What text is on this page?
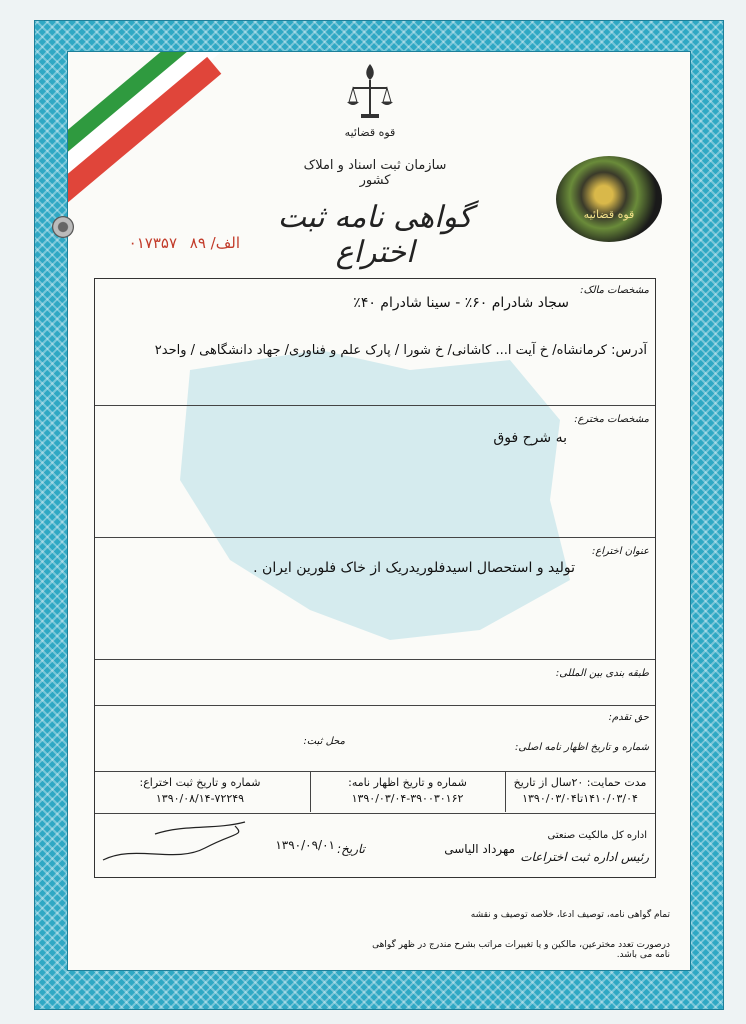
قوه قضائیه
سازمان ثبت اسناد و املاک کشور
گواهی نامه ثبت اختراع
الف/ ۸۹ ۰۱۷۳۵۷
قوه قضائیه
مشخصات مالک:
سجاد شادرام ۶۰٪ - سینا شادرام ۴۰٪
آدرس: کرمانشاه/ خ آیت ا... کاشانی/ خ شورا / پارک علم و فناوری/ جهاد دانشگاهی / واحد۲
مشخصات مخترع:
به شرح فوق
عنوان اختراع:
تولید و استحصال اسیدفلوریدریک از خاک فلورین ایران .
طبقه بندی بین المللی:
حق تقدم:
شماره و تاریخ اظهار نامه اصلی:
محل ثبت:
مدت حمایت: ۲۰سال از تاریخ
۱۴۱۰/۰۳/۰۴تا۱۳۹۰/۰۳/۰۴
شماره و تاریخ اظهار نامه:
۱۳۹۰/۰۳/۰۴-۳۹۰۰۳۰۱۶۲
شماره و تاریخ ثبت اختراع:
۱۳۹۰/۰۸/۱۴-۷۲۲۴۹
اداره کل مالکیت صنعتی
رئیس اداره ثبت اختراعات
مهرداد الیاسی
تاریخ:
۱۳۹۰/۰۹/۰۱
تمام گواهی نامه، توصیف ادعا، خلاصه توصیف و نقشه
درصورت تعدد مخترعین، مالکین و یا تغییرات مراتب بشرح مندرج در ظهر گواهی نامه می باشد.
